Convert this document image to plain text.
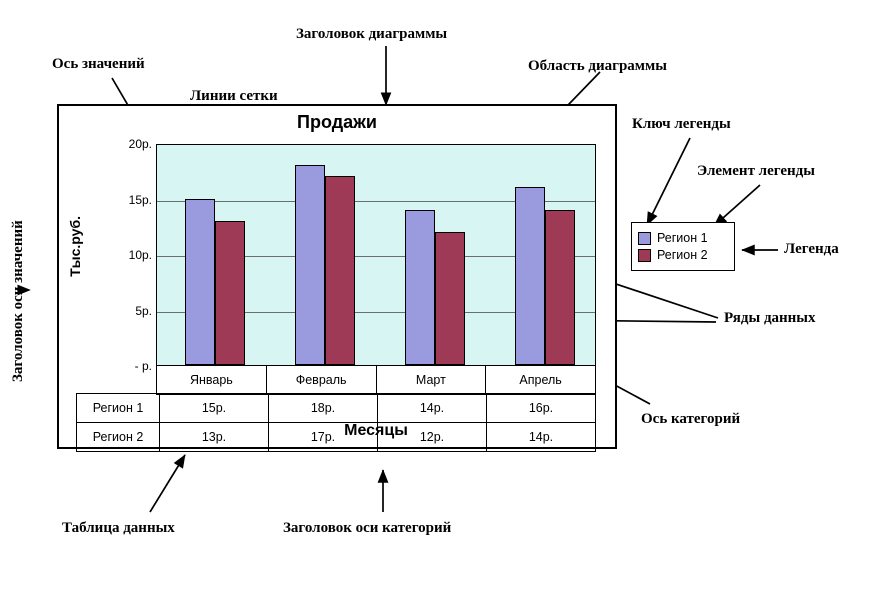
Ось значений
Линии сетки
Заголовок диаграммы
Область диаграммы
Ключ легенды
Элемент легенды
Легенда
Ряды данных
Ось категорий
Заголовок оси значений
Таблица данных	Заголовок оси категорий
Продажи
Тыс.руб.
- р.
5р.
10р.
15р.
20р.
Январь	Февраль	Март	Апрель
Регион 1	15р.	18р.	14р.	16р.
Регион 2	13р.	17р.	12р.	14р.
Месяцы
Регион 1
Регион 2
